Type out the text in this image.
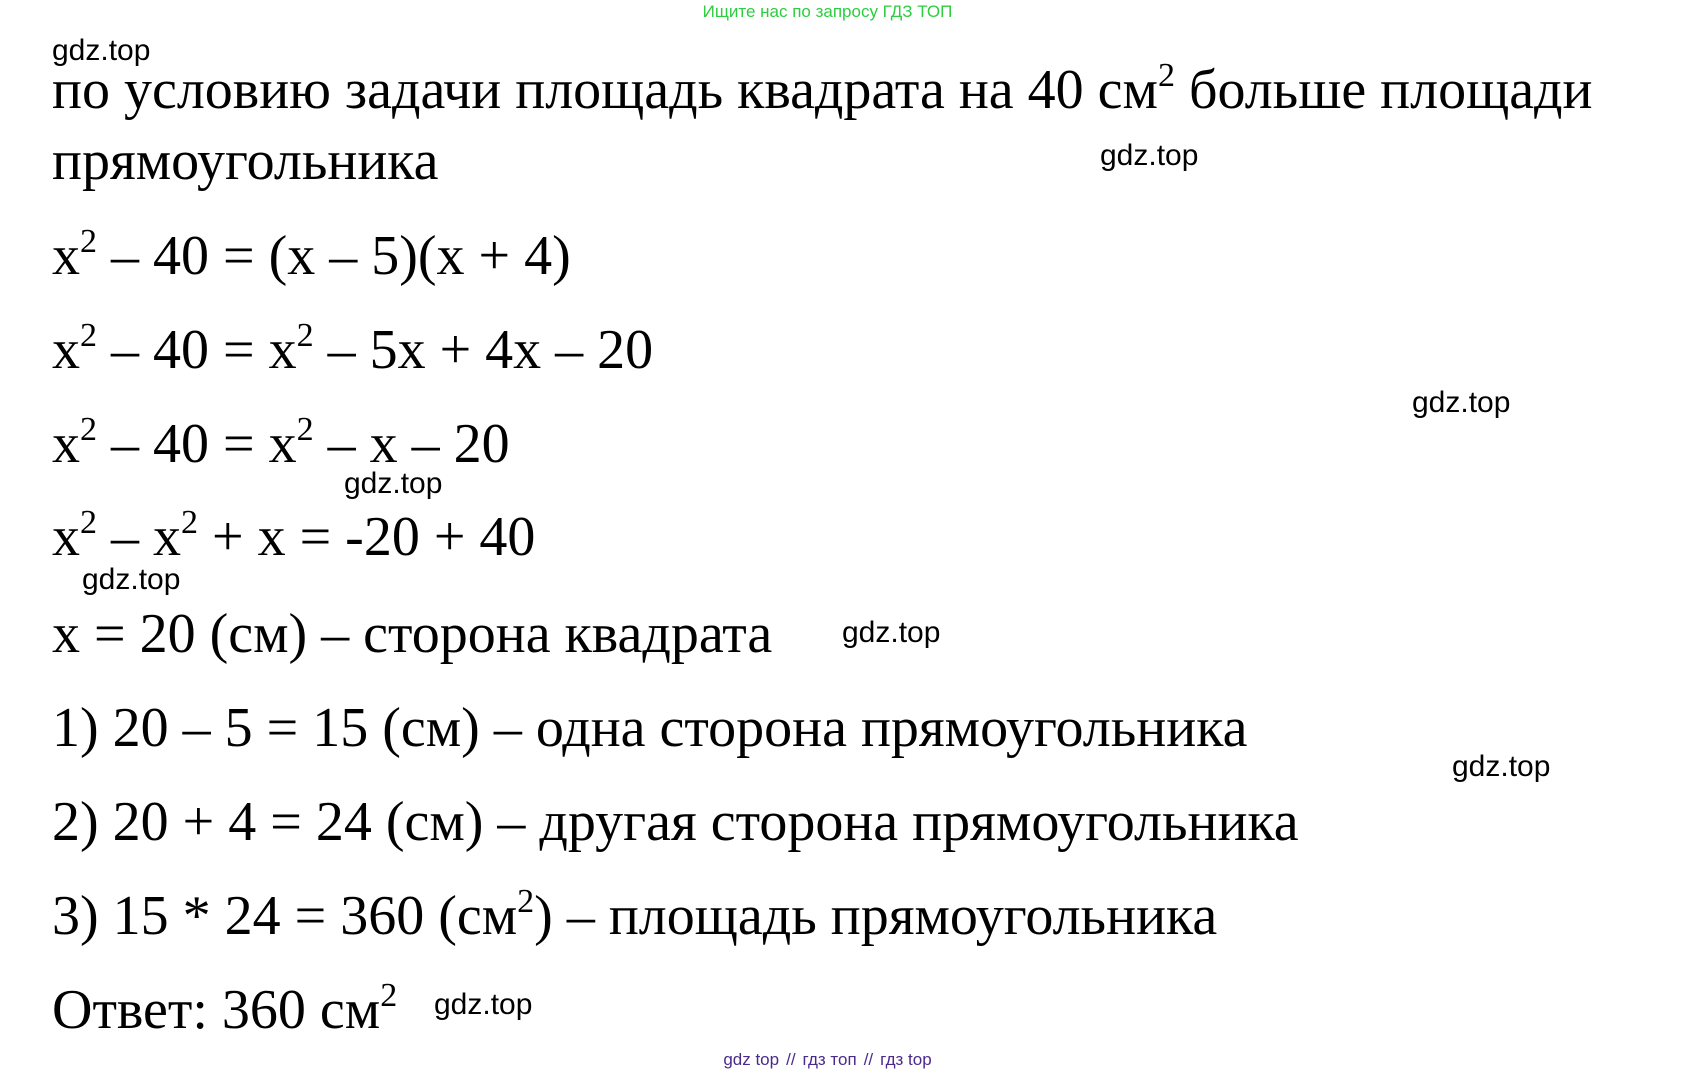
Ищите нас по запросу ГДЗ ТОП
gdz.top
gdz.top
gdz.top
gdz.top
gdz.top
gdz.top
gdz.top
gdz.top
по условию задачи площадь квадрата на 40 $см^2$ больше площади
прямоугольника
$x^2 - 40 = (x - 5)(x + 4)$
$x^2 - 40 = x^2 - 5x + 4x - 20$
$x^2 - 40 = x^2 - x - 20$
$x^2 - x^2 + x = -20 + 40$
x = 20 (см) – сторона квадрата
1) 20 – 5 = 15 (см) – одна сторона прямоугольника
2) 20 + 4 = 24 (см) – другая сторона прямоугольника
3) 15 * 24 = 360 $(см^2)$ – площадь прямоугольника
Ответ: 360 $см^2$
gdz top // гдз топ // гдз top
